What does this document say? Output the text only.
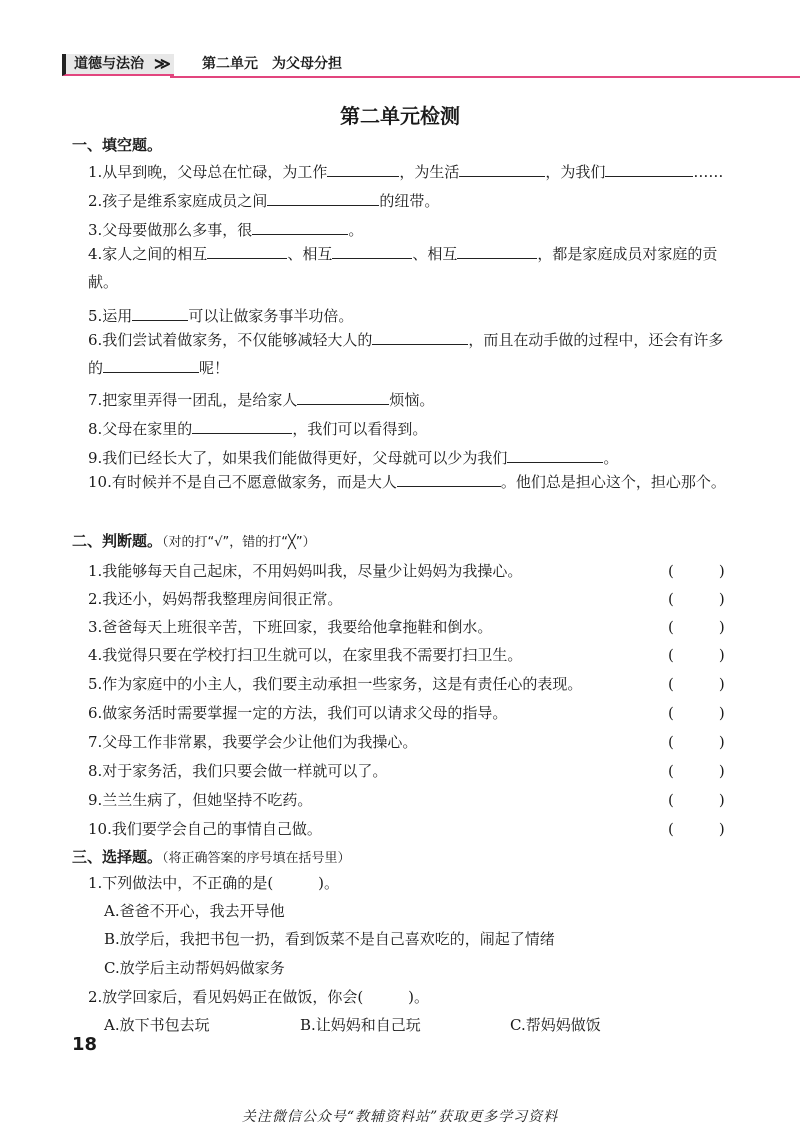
道德与法治 ≫ 第二单元　为父母分担
第二单元检测
一、填空题。
1.从早到晚，父母总在忙碌，为工作	，为生活	，为我们	……
2.孩子是维系家庭成员之间	的纽带。
3.父母要做那么多事，很	。
4.家人之间的相互	、相互	、相互	，都是家庭成员对家庭的贡献。
5.运用	可以让做家务事半功倍。
6.我们尝试着做家务，不仅能够减轻大人的	，而且在动手做的过程中，还会有许多的	呢！
7.把家里弄得一团乱，是给家人	烦恼。
8.父母在家里的	，我们可以看得到。
9.我们已经长大了，如果我们能做得更好，父母就可以少为我们	。
10.有时候并不是自己不愿意做家务，而是大人	。他们总是担心这个，担心那个。
二、判断题。（对的打“√”，错的打“╳”）
1.我能够每天自己起床，不用妈妈叫我，尽量少让妈妈为我操心。	(　　　)
2.我还小，妈妈帮我整理房间很正常。	(　　　)
3.爸爸每天上班很辛苦，下班回家，我要给他拿拖鞋和倒水。	(　　　)
4.我觉得只要在学校打扫卫生就可以，在家里我不需要打扫卫生。	(　　　)
5.作为家庭中的小主人，我们要主动承担一些家务，这是有责任心的表现。	(　　　)
6.做家务活时需要掌握一定的方法，我们可以请求父母的指导。	(　　　)
7.父母工作非常累，我要学会少让他们为我操心。	(　　　)
8.对于家务活，我们只要会做一样就可以了。	(　　　)
9.兰兰生病了，但她坚持不吃药。	(　　　)
10.我们要学会自己的事情自己做。	(　　　)
三、选择题。（将正确答案的序号填在括号里）
1.下列做法中，不正确的是(　　　)。
A.爸爸不开心，我去开导他
B.放学后，我把书包一扔，看到饭菜不是自己喜欢吃的，闹起了情绪
C.放学后主动帮妈妈做家务
2.放学回家后，看见妈妈正在做饭，你会(　　　)。
A.放下书包去玩	B.让妈妈和自己玩	C.帮妈妈做饭
18
关注微信公众号“教辅资料站”获取更多学习资料
